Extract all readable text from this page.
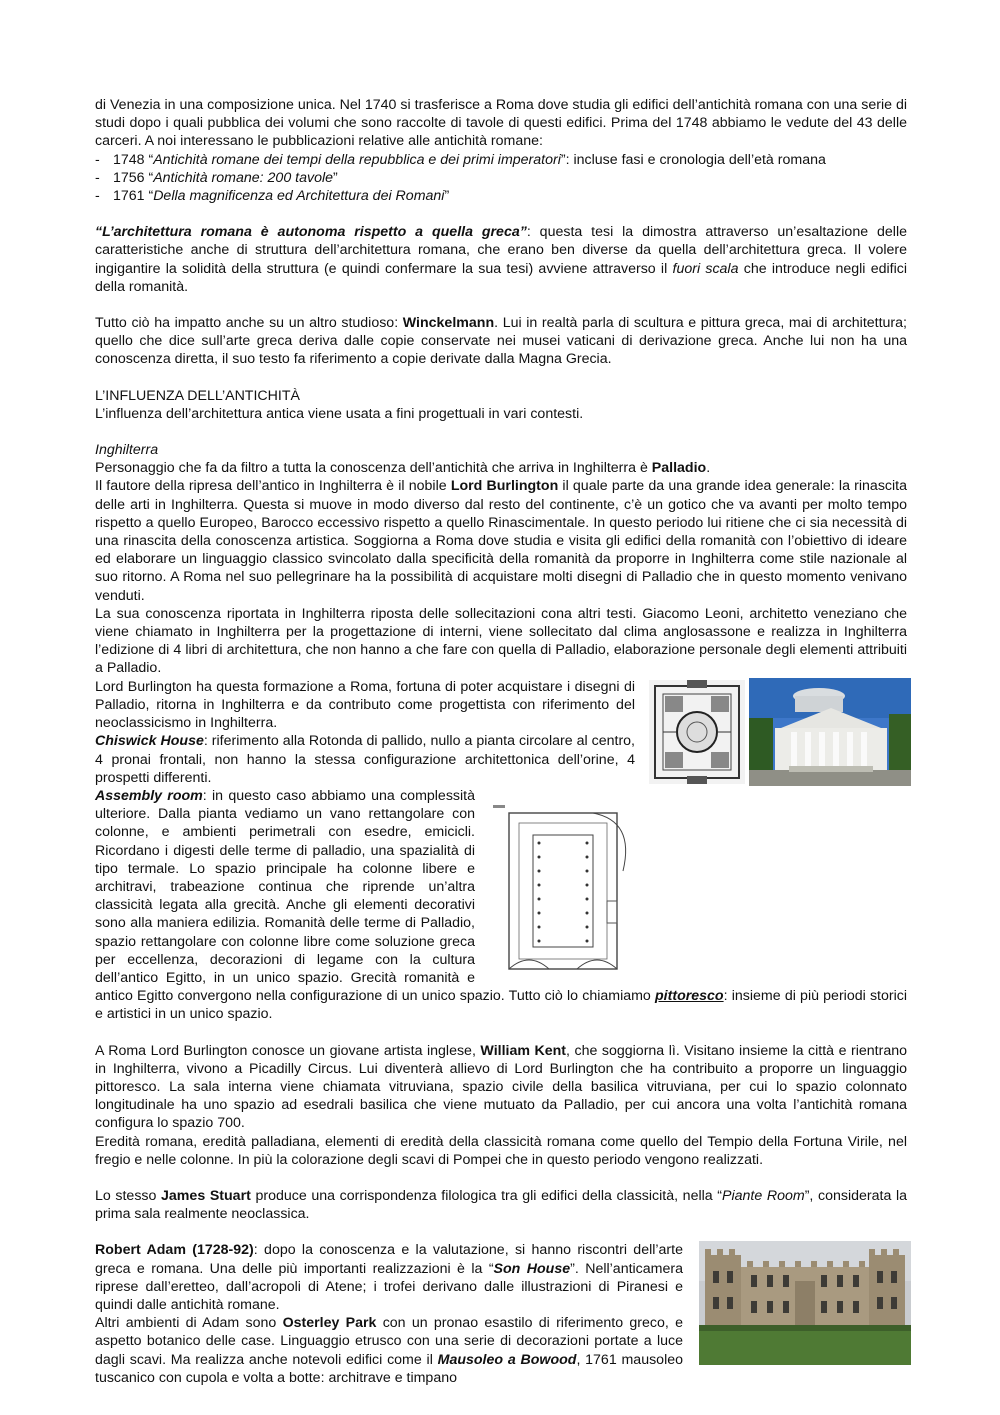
di Venezia in una composizione unica. Nel 1740 si trasferisce a Roma dove studia gli edifici dell’antichità romana con una serie di studi dopo i quali pubblica dei volumi che sono raccolte di tavole di questi edifici. Prima del 1748 abbiamo le vedute del 43 delle carceri. A noi interessano le pubblicazioni relative alle antichità romane:

- 1748 “Antichità romane dei tempi della repubblica e dei primi imperatori”: incluse fasi e cronologia dell’età romana
- 1756 “Antichità romane: 200 tavole”
- 1761 “Della magnificenza ed Architettura dei Romani”

“L’architettura romana è autonoma rispetto a quella greca”: questa tesi la dimostra attraverso un’esaltazione delle caratteristiche anche di struttura dell’architettura romana, che erano ben diverse da quella dell’architettura greca. Il volere ingigantire la solidità della struttura (e quindi confermare la sua tesi) avviene attraverso il fuori scala che introduce negli edifici della romanità.

Tutto ciò ha impatto anche su un altro studioso: Winckelmann. Lui in realtà parla di scultura e pittura greca, mai di architettura; quello che dice sull’arte greca deriva dalle copie conservate nei musei vaticani di derivazione greca. Anche lui non ha una conoscenza diretta, il suo testo fa riferimento a copie derivate dalla Magna Grecia.

L’INFLUENZA DELL’ANTICHITÀ

L’influenza dell’architettura antica viene usata a fini progettuali in vari contesti.

Inghilterra

Personaggio che fa da filtro a tutta la conoscenza dell’antichità che arriva in Inghilterra è Palladio.

Il fautore della ripresa dell’antico in Inghilterra è il nobile Lord Burlington il quale parte da una grande idea generale: la rinascita delle arti in Inghilterra. Questa si muove in modo diverso dal resto del continente, c’è un gotico che va avanti per molto tempo rispetto a quello Europeo, Barocco eccessivo rispetto a quello Rinascimentale. In questo periodo lui ritiene che ci sia necessità di una rinascita della conoscenza artistica. Soggiorna a Roma dove studia e visita gli edifici della romanità con l’obiettivo di ideare ed elaborare un linguaggio classico svincolato dalla specificità della romanità da proporre in Inghilterra come stile nazionale al suo ritorno. A Roma nel suo pellegrinare ha la possibilità di acquistare molti disegni di Palladio che in questo momento venivano venduti.

La sua conoscenza riportata in Inghilterra riposta delle sollecitazioni cona altri testi. Giacomo Leoni, architetto veneziano che viene chiamato in Inghilterra per la progettazione di interni, viene sollecitato dal clima anglosassone e realizza in Inghilterra l’edizione di 4 libri di architettura, che non hanno a che fare con quella di Palladio, elaborazione personale degli elementi attribuiti a Palladio.

Lord Burlington ha questa formazione a Roma, fortuna di poter acquistare i disegni di Palladio, ritorna in Inghilterra e da contributo come progettista con riferimento del neoclassicismo in Inghilterra.

Chiswick House: riferimento alla Rotonda di pallido, nullo a pianta circolare al centro, 4 pronai frontali, non hanno la stessa configurazione architettonica dell’orine, 4 prospetti differenti.

Assembly room: in questo caso abbiamo una complessità ulteriore. Dalla pianta vediamo un vano rettangolare con colonne, e ambienti perimetrali con esedre, emicicli. Ricordano i digesti delle terme di palladio, una spazialità di tipo termale. Lo spazio principale ha colonne libere e architravi, trabeazione continua che riprende un’altra classicità legata alla grecità. Anche gli elementi decorativi sono alla maniera edilizia. Romanità delle terme di Palladio, spazio rettangolare con colonne libre come soluzione greca per eccellenza, decorazioni di legame con la cultura dell’antico Egitto, in un unico spazio. Grecità romanità e antico Egitto convergono nella configurazione di un unico spazio. Tutto ciò lo chiamiamo pittoresco: insieme di più periodi storici e artistici in un unico spazio.

A Roma Lord Burlington conosce un giovane artista inglese, William Kent, che soggiorna lì. Visitano insieme la città e rientrano in Inghilterra, vivono a Picadilly Circus. Lui diventerà allievo di Lord Burlington che ha contribuito a proporre un linguaggio pittoresco. La sala interna viene chiamata vitruviana, spazio civile della basilica vitruviana, per cui lo spazio colonnato longitudinale ha uno spazio ad esedrali basilica che viene mutuato da Palladio, per cui ancora una volta l’antichità romana configura lo spazio 700.

Eredità romana, eredità palladiana, elementi di eredità della classicità romana come quello del Tempio della Fortuna Virile, nel fregio e nelle colonne. In più la colorazione degli scavi di Pompei che in questo periodo vengono realizzati.

Lo stesso James Stuart produce una corrispondenza filologica tra gli edifici della classicità, nella “Piante Room”, considerata la prima sala realmente neoclassica.

Robert Adam (1728-92): dopo la conoscenza e la valutazione, si hanno riscontri dell’arte greca e romana. Una delle più importanti realizzazioni è la “Son House”. Nell’anticamera riprese dall’eretteo, dall’acropoli di Atene; i trofei derivano dalle illustrazioni di Piranesi e quindi dalle antichità romane.

Altri ambienti di Adam sono Osterley Park con un pronao esastilo di riferimento greco, e aspetto botanico delle case. Linguaggio etrusco con una serie di decorazioni portate a luce dagli scavi. Ma realizza anche notevoli edifici come il Mausoleo a Bowood, 1761 mausoleo tuscanico con cupola e volta a botte: architrave e timpano
